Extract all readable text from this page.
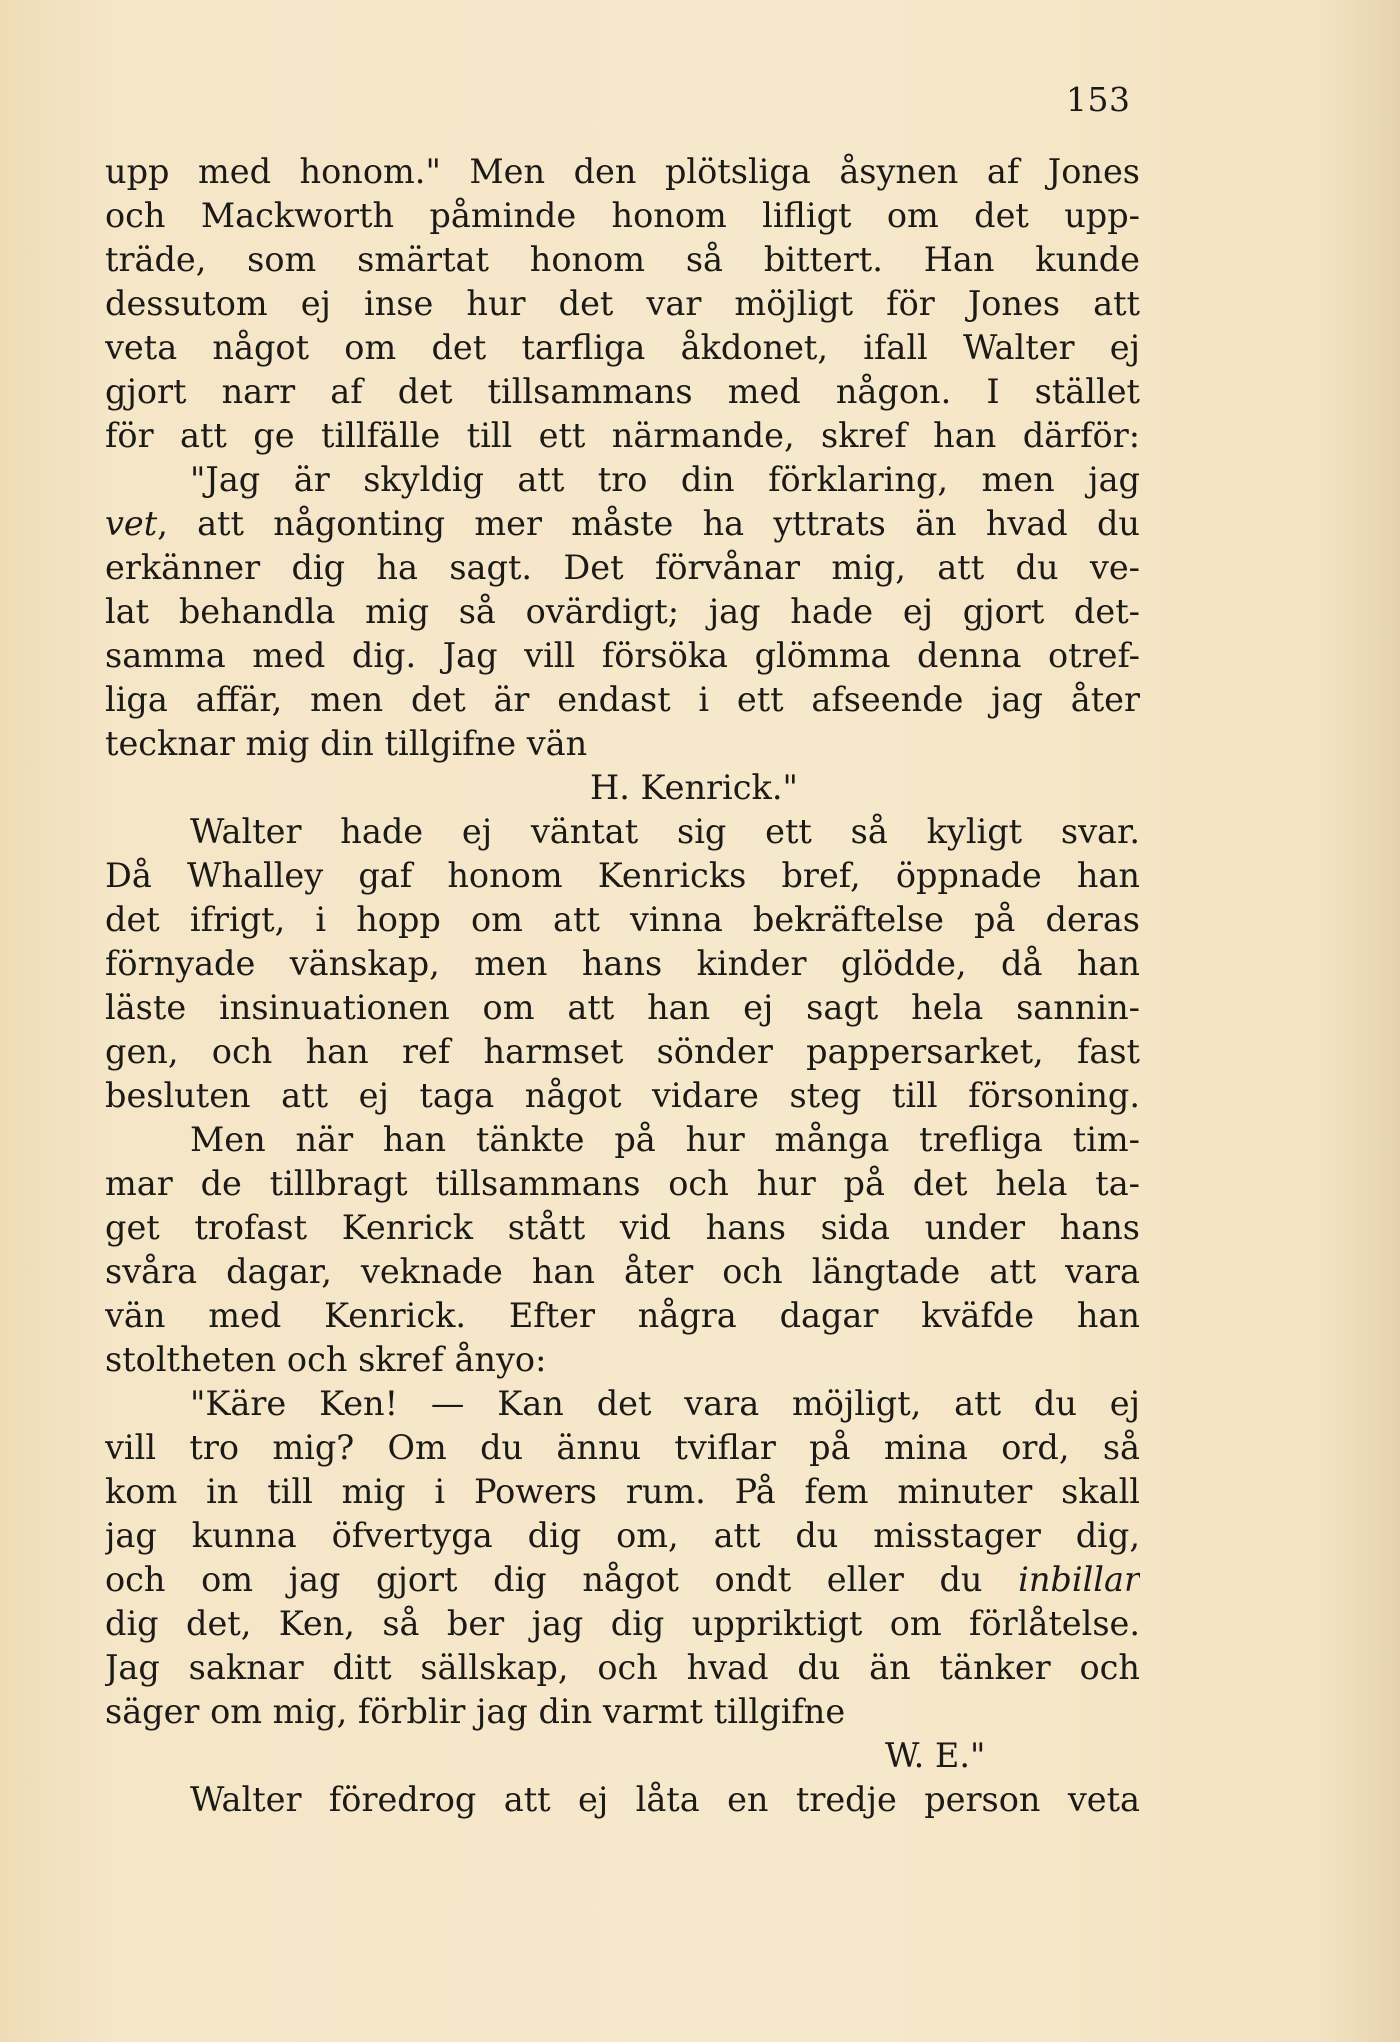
153
upp med honom." Men den plötsliga åsynen af Jones
och Mackworth påminde honom lifligt om det upp-
träde, som smärtat honom så bittert. Han kunde
dessutom ej inse hur det var möjligt för Jones att
veta något om det tarfliga åkdonet, ifall Walter ej
gjort narr af det tillsammans med någon. I stället
för att ge tillfälle till ett närmande, skref han därför:
"Jag är skyldig att tro din förklaring, men jag
vet, att någonting mer måste ha yttrats än hvad du
erkänner dig ha sagt. Det förvånar mig, att du ve-
lat behandla mig så ovärdigt; jag hade ej gjort det-
samma med dig. Jag vill försöka glömma denna otref-
liga affär, men det är endast i ett afseende jag åter
tecknar mig din tillgifne vän
H. Kenrick."
Walter hade ej väntat sig ett så kyligt svar.
Då Whalley gaf honom Kenricks bref, öppnade han
det ifrigt, i hopp om att vinna bekräftelse på deras
förnyade vänskap, men hans kinder glödde, då han
läste insinuationen om att han ej sagt hela sannin-
gen, och han ref harmset sönder pappersarket, fast
besluten att ej taga något vidare steg till försoning.
Men när han tänkte på hur många trefliga tim-
mar de tillbragt tillsammans och hur på det hela ta-
get trofast Kenrick stått vid hans sida under hans
svåra dagar, veknade han åter och längtade att vara
vän med Kenrick. Efter några dagar kväfde han
stoltheten och skref ånyo:
"Käre Ken! — Kan det vara möjligt, att du ej
vill tro mig? Om du ännu tviflar på mina ord, så
kom in till mig i Powers rum. På fem minuter skall
jag kunna öfvertyga dig om, att du misstager dig,
och om jag gjort dig något ondt eller du inbillar
dig det, Ken, så ber jag dig uppriktigt om förlåtelse.
Jag saknar ditt sällskap, och hvad du än tänker och
säger om mig, förblir jag din varmt tillgifne
W. E."
Walter föredrog att ej låta en tredje person veta
